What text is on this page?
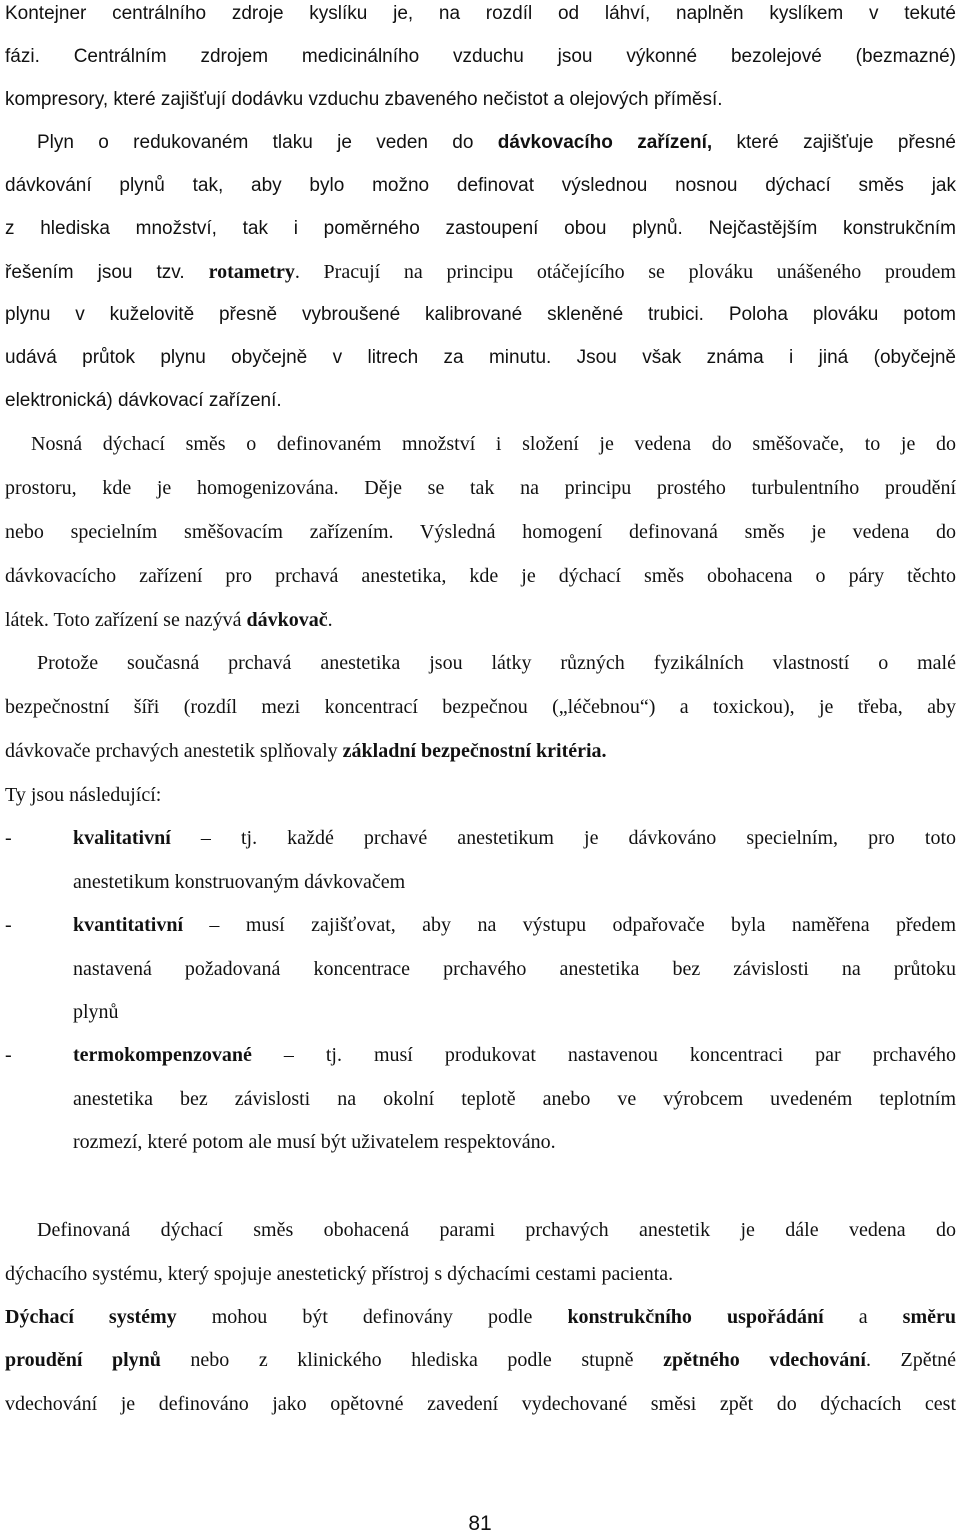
Kontejner centrálního zdroje kyslíku je, na rozdíl od láhví, naplněn kyslíkem v tekuté
fázi. Centrálním zdrojem medicinálního vzduchu jsou výkonné bezolejové (bezmazné)
kompresory, které zajišťují dodávku vzduchu zbaveného nečistot a olejových příměsí.
Plyn o redukovaném tlaku je veden do dávkovacího zařízení, které zajišťuje přesné
dávkování plynů tak, aby bylo možno definovat výslednou nosnou dýchací směs jak
z hlediska množství, tak i poměrného zastoupení obou plynů. Nejčastějším konstrukčním
řešením jsou tzv. rotametry. Pracují na principu otáčejícího se plováku unášeného proudem
plynu v kuželovitě přesně vybroušené kalibrované skleněné trubici. Poloha plováku potom
udává průtok plynu obyčejně v litrech za minutu. Jsou však známa i jiná (obyčejně
elektronická) dávkovací zařízení.
Nosná dýchací směs o definovaném množství i složení je vedena do směšovače, to je do
prostoru, kde je homogenizována. Děje se tak na principu prostého turbulentního proudění
nebo specielním směšovacím zařízením. Výsledná homogení definovaná směs je vedena do
dávkovacícho zařízení pro prchavá anestetika, kde je dýchací směs obohacena o páry těchto
látek. Toto zařízení se nazývá dávkovač.
Protože současná prchavá anestetika jsou látky různých fyzikálních vlastností o malé
bezpečnostní šíři (rozdíl mezi koncentrací bezpečnou („léčebnou“) a toxickou), je třeba, aby
dávkovače prchavých anestetik splňovaly základní bezpečnostní kritéria.
Ty jsou následující:
-	kvalitativní – tj. každé prchavé anestetikum je dávkováno specielním, pro toto
anestetikum konstruovaným dávkovačem
-	kvantitativní – musí zajišťovat, aby na výstupu odpařovače byla naměřena předem
nastavená požadovaná koncentrace prchavého anestetika bez závislosti na průtoku
plynů
-	termokompenzované – tj. musí produkovat nastavenou koncentraci par prchavého
anestetika bez závislosti na okolní teplotě anebo ve výrobcem uvedeném teplotním
rozmezí, které potom ale musí být uživatelem respektováno.
Definovaná dýchací směs obohacená parami prchavých anestetik je dále vedena do
dýchacího systému, který spojuje anestetický přístroj s dýchacími cestami pacienta.
Dýchací systémy mohou být definovány podle konstrukčního uspořádání a směru
proudění plynů nebo z klinického hlediska podle stupně zpětného vdechování. Zpětné
vdechování je definováno jako opětovné zavedení vydechované směsi zpět do dýchacích cest
81
